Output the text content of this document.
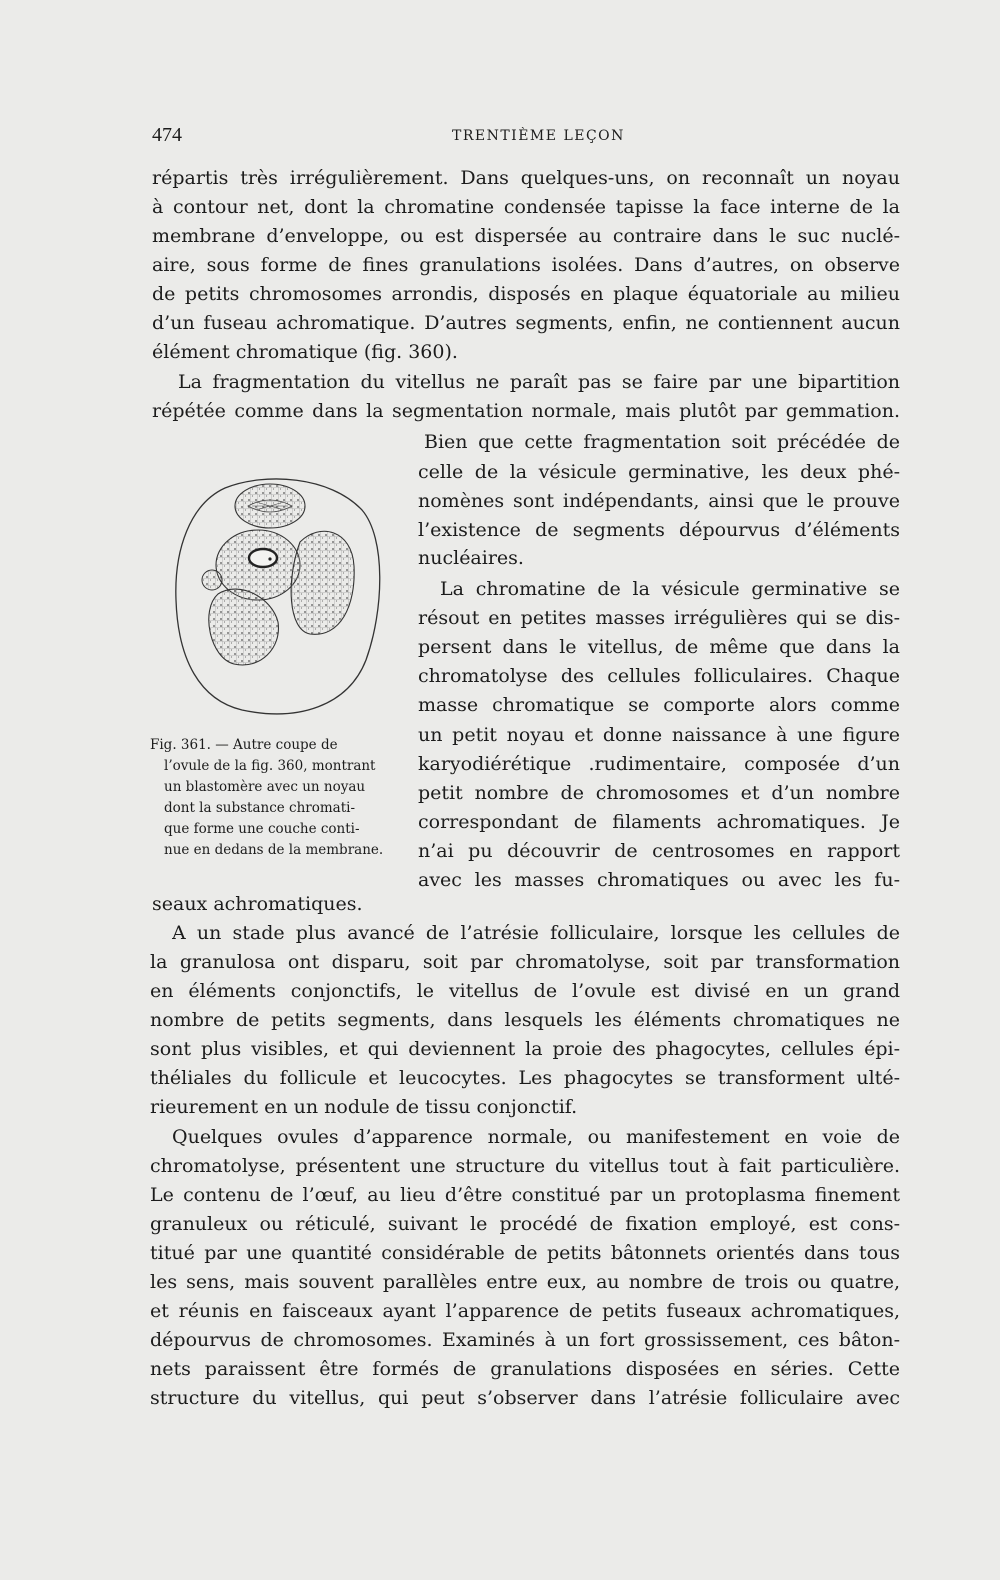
474	TRENTIÈME LEÇON
répartis très irrégulièrement. Dans quelques-uns, on reconnaît un noyau
à contour net, dont la chromatine condensée tapisse la face interne de la
membrane d’enveloppe, ou est dispersée au contraire dans le suc nuclé-
aire, sous forme de fines granulations isolées. Dans d’autres, on observe
de petits chromosomes arrondis, disposés en plaque équatoriale au milieu
d’un fuseau achromatique. D’autres segments, enfin, ne contiennent aucun
élément chromatique (fig. 360).
La fragmentation du vitellus ne paraît pas se faire par une bipartition
répétée comme dans la segmentation normale, mais plutôt par gemmation.
Bien que cette fragmentation soit précédée de
celle de la vésicule germinative, les deux phé-
nomènes sont indépendants, ainsi que le prouve
l’existence de segments dépourvus d’éléments
nucléaires.
La chromatine de la vésicule germinative se
résout en petites masses irrégulières qui se dis-
persent dans le vitellus, de même que dans la
chromatolyse des cellules folliculaires. Chaque
masse chromatique se comporte alors comme
un petit noyau et donne naissance à une figure
karyodiérétique .rudimentaire, composée d’un
petit nombre de chromosomes et d’un nombre
correspondant de filaments achromatiques. Je
n’ai pu découvrir de centrosomes en rapport
avec les masses chromatiques ou avec les fu-
Fig. 361. — Autre coupe de
l’ovule de la fig. 360, montrant
un blastomère avec un noyau
dont la substance chromati-
que forme une couche conti-
nue en dedans de la membrane.
seaux achromatiques.
A un stade plus avancé de l’atrésie folliculaire, lorsque les cellules de
la granulosa ont disparu, soit par chromatolyse, soit par transformation
en éléments conjonctifs, le vitellus de l’ovule est divisé en un grand
nombre de petits segments, dans lesquels les éléments chromatiques ne
sont plus visibles, et qui deviennent la proie des phagocytes, cellules épi-
théliales du follicule et leucocytes. Les phagocytes se transforment ulté-
rieurement en un nodule de tissu conjonctif.
Quelques ovules d’apparence normale, ou manifestement en voie de
chromatolyse, présentent une structure du vitellus tout à fait particulière.
Le contenu de l’œuf, au lieu d’être constitué par un protoplasma finement
granuleux ou réticulé, suivant le procédé de fixation employé, est cons-
titué par une quantité considérable de petits bâtonnets orientés dans tous
les sens, mais souvent parallèles entre eux, au nombre de trois ou quatre,
et réunis en faisceaux ayant l’apparence de petits fuseaux achromatiques,
dépourvus de chromosomes. Examinés à un fort grossissement, ces bâton-
nets paraissent être formés de granulations disposées en séries. Cette
structure du vitellus, qui peut s’observer dans l’atrésie folliculaire avec
